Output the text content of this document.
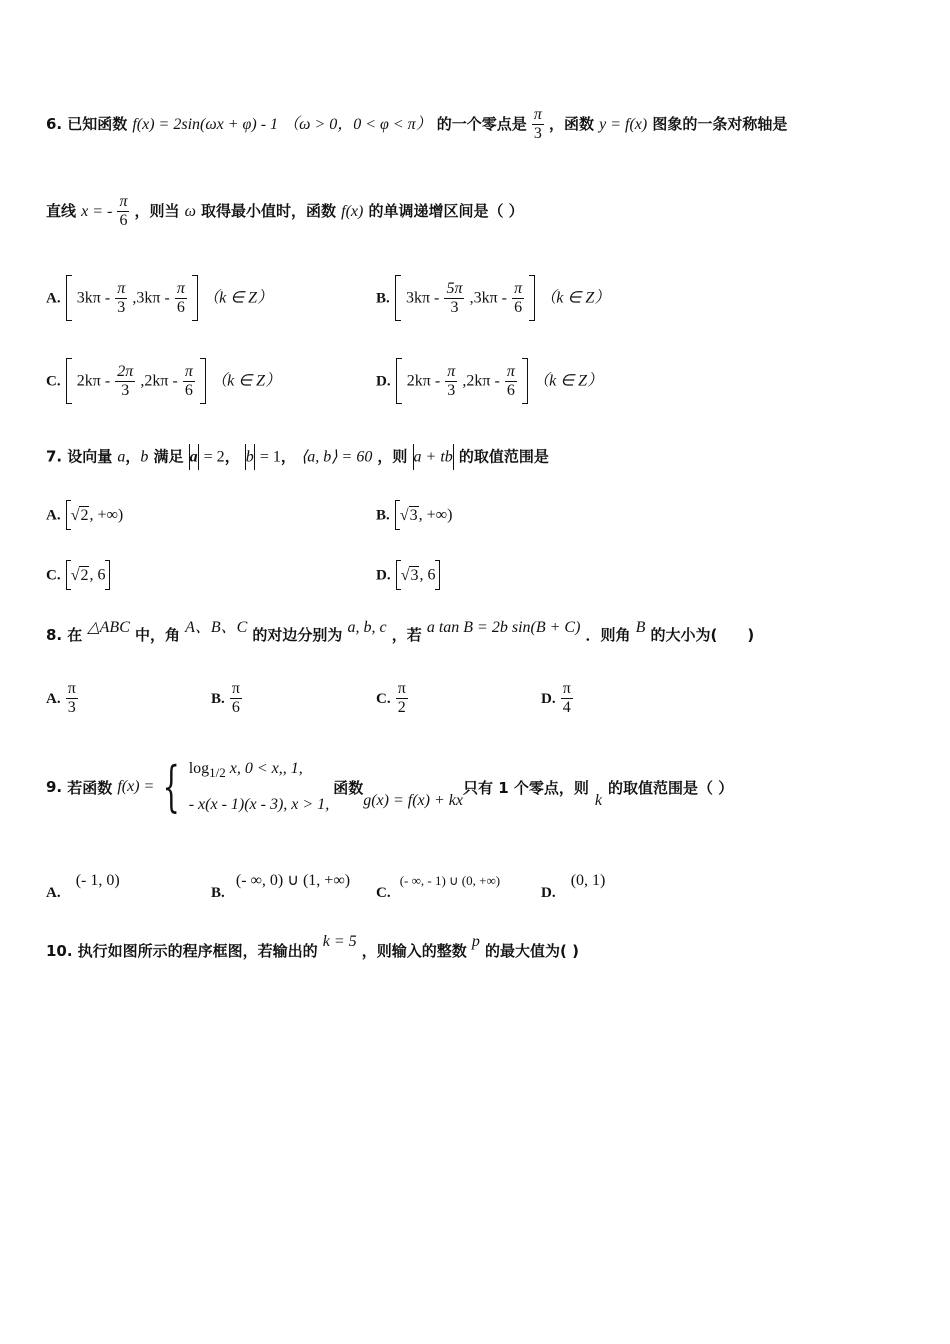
6. 已知函数 f(x) = 2sin(ωx + φ) - 1 （ω > 0，0 < φ < π） 的一个零点是 $\frac{\pi}{3}$ ，函数 y = f(x) 图象的一条对称轴是
直线 x = - $\frac{\pi}{6}$ ，则当 ω 取得最小值时，函数 f(x) 的单调递增区间是（ ）
A. $3k\pi - \frac{\pi}{3} ,3k\pi - \frac{\pi}{6} (k$ ∈ Z）	B. $3k\pi - \frac{5\pi}{3} ,3k\pi - \frac{\pi}{6} (k$ ∈ Z）
C. $2k\pi - \frac{2\pi}{3} ,2k\pi - \frac{\pi}{6} (k$ ∈ Z）	D. $2k\pi - \frac{\pi}{3} ,2k\pi - \frac{\pi}{6} (k$ ∈ Z）
7. 设向量 a，b 满足 a = 2， b = 1， ⟨a, b⟩ = 60 ，则 a + tb 的取值范围是
A. √2, +∞)	B. √3, +∞)
C. √2, 6	D. √3, 6
8. 在 △ABC 中，角 A、B、C 的对边分别为 a, b, c ，若 a tan B = 2b sin(B + C) ．则角 B 的大小为(　　)
A. $\frac{\pi}{3}$	B. $\frac{\pi}{6}$	C. $\frac{\pi}{2}$	D. $\frac{\pi}{4}$
9.
若函数
f(x) = { $\log_{1/2} x$, 0 < x,, 1,
- x(x - 1)(x - 3), x > 1,
函数
g(x) = f(x) + kx
只有 1 个零点，则
k
的取值范围是（ ）
A. (- 1, 0)
B. (- ∞, 0) ∪ (1, +∞)
C. (- ∞, - 1) ∪ (0, +∞)
D. (0, 1)
10. 执行如图所示的程序框图，若输出的 k = 5 ，则输入的整数 p 的最大值为( )
